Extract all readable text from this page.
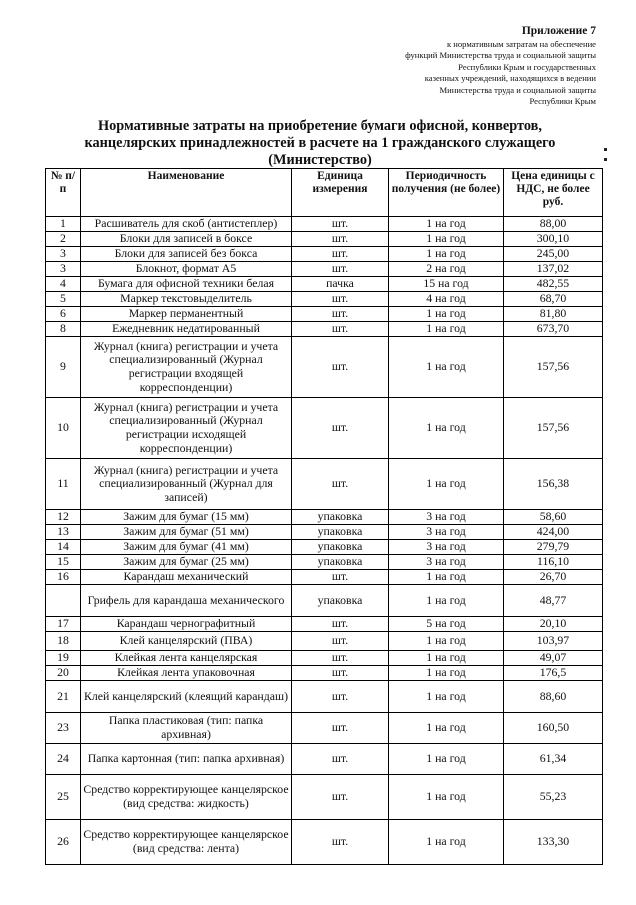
Приложение 7
к нормативным затратам на обеспечение
функций Министерства труда и социальной защиты
Республики Крым и государственных
казенных учреждений, находящихся в ведении
Министерства труда и социальной защиты
Республики Крым
Нормативные затраты на приобретение бумаги офисной, конвертов,
канцелярских принадлежностей в расчете на 1 гражданского служащего
(Министерство)
№ п/п	Наименование	Единица измерения	Периодичность получения (не более)	Цена единицы с НДС, не более руб.
1	Расшиватель для скоб (антистеплер)	шт.	1 на год	88,00
2	Блоки для записей в боксе	шт.	1 на год	300,10
3	Блоки для записей без бокса	шт.	1 на год	245,00
3	Блокнот, формат А5	шт.	2 на год	137,02
4	Бумага для офисной техники белая	пачка	15 на год	482,55
5	Маркер текстовыделитель	шт.	4 на год	68,70
6	Маркер перманентный	шт.	1 на год	81,80
8	Ежедневник недатированный	шт.	1 на год	673,70
9	Журнал (книга) регистрации и учета специализированный (Журнал регистрации входящей корреспонденции)	шт.	1 на год	157,56
10	Журнал (книга) регистрации и учета специализированный (Журнал регистрации исходящей корреспонденции)	шт.	1 на год	157,56
11	Журнал (книга) регистрации и учета специализированный (Журнал для записей)	шт.	1 на год	156,38
12	Зажим для бумаг (15 мм)	упаковка	3 на год	58,60
13	Зажим для бумаг (51 мм)	упаковка	3 на год	424,00
14	Зажим для бумаг (41 мм)	упаковка	3 на год	279,79
15	Зажим для бумаг (25 мм)	упаковка	3 на год	116,10
16	Карандаш механический	шт.	1 на год	26,70
	Грифель для карандаша механического	упаковка	1 на год	48,77
17	Карандаш чернографитный	шт.	5 на год	20,10
18	Клей канцелярский (ПВА)	шт.	1 на год	103,97
19	Клейкая лента канцелярская	шт.	1 на год	49,07
20	Клейкая лента упаковочная	шт.	1 на год	176,5
21	Клей канцелярский (клеящий карандаш)	шт.	1 на год	88,60
23	Папка пластиковая (тип: папка архивная)	шт.	1 на год	160,50
24	Папка картонная (тип: папка архивная)	шт.	1 на год	61,34
25	Средство корректирующее канцелярское (вид средства: жидкость)	шт.	1 на год	55,23
26	Средство корректирующее канцелярское (вид средства: лента)	шт.	1 на год	133,30
